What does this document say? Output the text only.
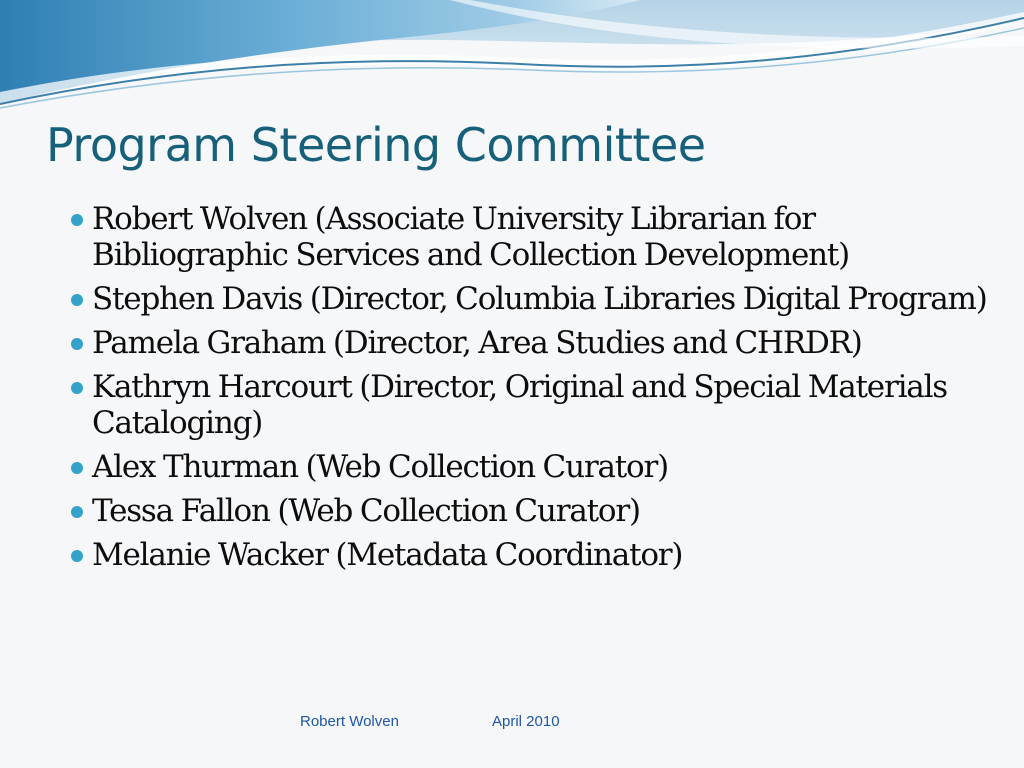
Program Steering Committee
Robert Wolven (Associate University Librarian for Bibliographic Services and Collection Development)
Stephen Davis (Director, Columbia Libraries Digital Program)
Pamela Graham (Director, Area Studies and CHRDR)
Kathryn Harcourt (Director, Original and Special Materials Cataloging)
Alex Thurman (Web Collection Curator)
Tessa Fallon (Web Collection Curator)
Melanie Wacker (Metadata Coordinator)
Robert Wolven	April 2010
